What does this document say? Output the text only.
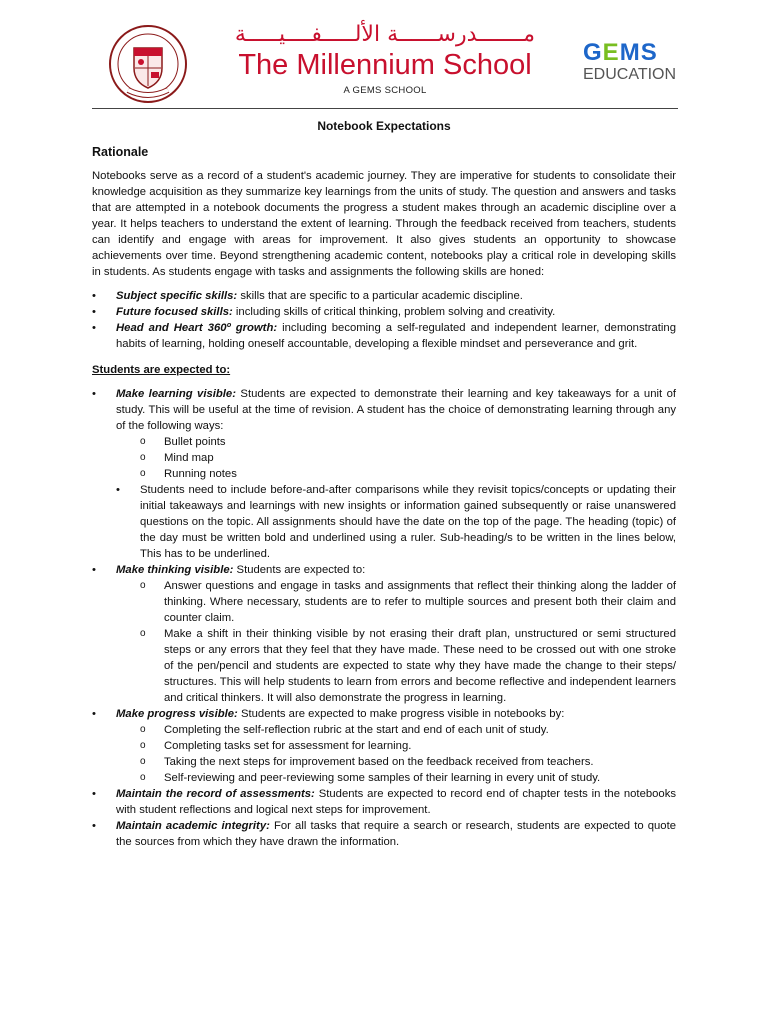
مـــــــدرســــــة الألـــــفــــيـــــة
The Millennium School
A GEMS SCHOOL
GEMS
EDUCATION
Notebook Expectations
Rationale

Notebooks serve as a record of a student's academic journey. They are imperative for students to consolidate their knowledge acquisition as they summarize key learnings from the units of study. The question and answers and tasks that are attempted in a notebook documents the progress a student makes through an academic discipline over a year. It helps teachers to understand the extent of learning. Through the feedback received from teachers, students can identify and engage with areas for improvement. It also gives students an opportunity to showcase achievements over time. Beyond strengthening academic content, notebooks play a critical role in developing skills in students. As students engage with tasks and assignments the following skills are honed:

• Subject specific skills: skills that are specific to a particular academic discipline.
• Future focused skills: including skills of critical thinking, problem solving and creativity.
• Head and Heart 360º growth: including becoming a self-regulated and independent learner, demonstrating habits of learning, holding oneself accountable, developing a flexible mindset and perseverance and grit.
Students are expected to:
• Make learning visible: Students are expected to demonstrate their learning and key takeaways for a unit of study. This will be useful at the time of revision. A student has the choice of demonstrating learning through any of the following ways:
o Bullet points
o Mind map
o Running notes
• Students need to include before-and-after comparisons while they revisit topics/concepts or updating their initial takeaways and learnings with new insights or information gained subsequently or raise unanswered questions on the topic. All assignments should have the date on the top of the page. The heading (topic) of the day must be written bold and underlined using a ruler. Sub-heading/s to be written in the lines below, This has to be underlined.
• Make thinking visible: Students are expected to:
o Answer questions and engage in tasks and assignments that reflect their thinking along the ladder of thinking. Where necessary, students are to refer to multiple sources and present both their claim and counter claim.
o Make a shift in their thinking visible by not erasing their draft plan, unstructured or semi structured steps or any errors that they feel that they have made. These need to be crossed out with one stroke of the pen/pencil and students are expected to state why they have made the change to their steps/ structures. This will help students to learn from errors and become reflective and independent learners and critical thinkers. It will also demonstrate the progress in learning.
• Make progress visible: Students are expected to make progress visible in notebooks by:
o Completing the self-reflection rubric at the start and end of each unit of study.
o Completing tasks set for assessment for learning.
o Taking the next steps for improvement based on the feedback received from teachers.
o Self-reviewing and peer-reviewing some samples of their learning in every unit of study.
• Maintain the record of assessments: Students are expected to record end of chapter tests in the notebooks with student reflections and logical next steps for improvement.
• Maintain academic integrity: For all tasks that require a search or research, students are expected to quote the sources from which they have drawn the information.
